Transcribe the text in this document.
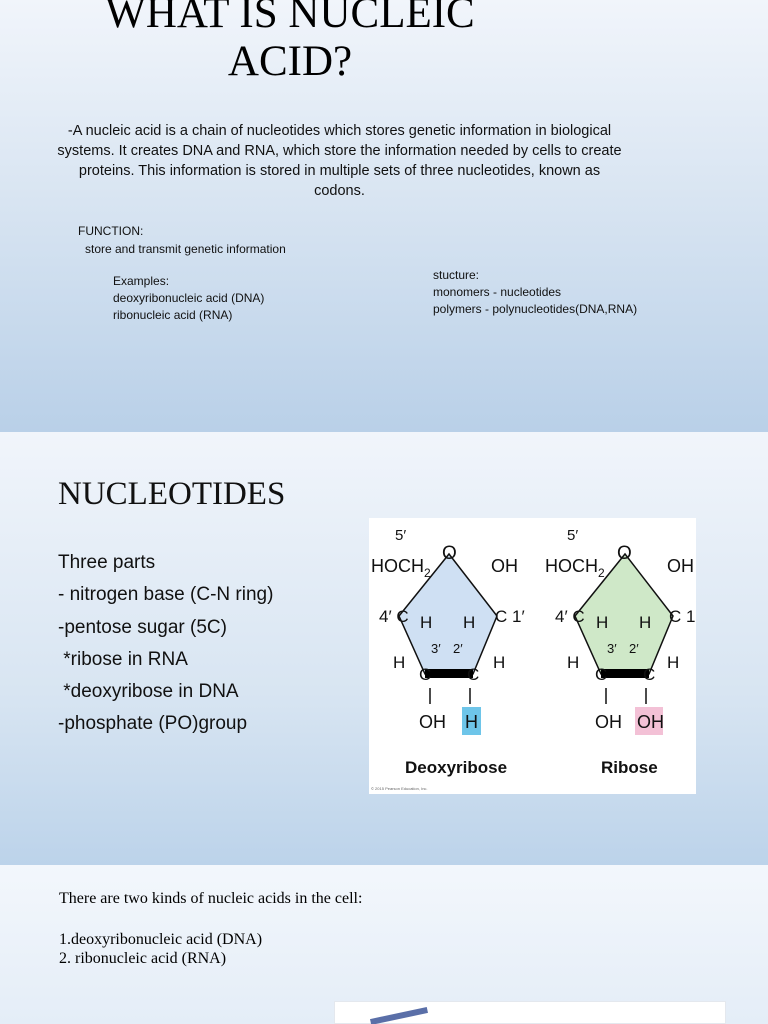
WHAT IS NUCLEIC
ACID?

-A nucleic acid is a chain of nucleotides which stores genetic information in biological systems. It creates DNA and RNA, which store the information needed by cells to create proteins. This information is stored in multiple sets of three nucleotides, known as codons.

FUNCTION:
store and transmit genetic information
Examples:
deoxyribonucleic acid (DNA)
ribonucleic acid (RNA)
stucture:
monomers - nucleotides
polymers - polynucleotides(DNA,RNA)
NUCLEOTIDES
Three parts
- nitrogen base (C-N ring)
-pentose sugar (5C)
*ribose in RNA
*deoxyribose in DNA
-phosphate (PO)group
5′
$HOCH_2$
O
OH
4′ C	C 1′
H H
3′ 2′
H	H
C C
OH H
Deoxyribose
5′
$HOCH_2$
O
OH
4′ C	C 1′
H H
3′ 2′
H	H
C C
OH OH
Ribose
© 2015 Pearson Education, Inc.
There are two kinds of nucleic acids in the cell:
1.deoxyribonucleic acid (DNA)
2. ribonucleic acid (RNA)
